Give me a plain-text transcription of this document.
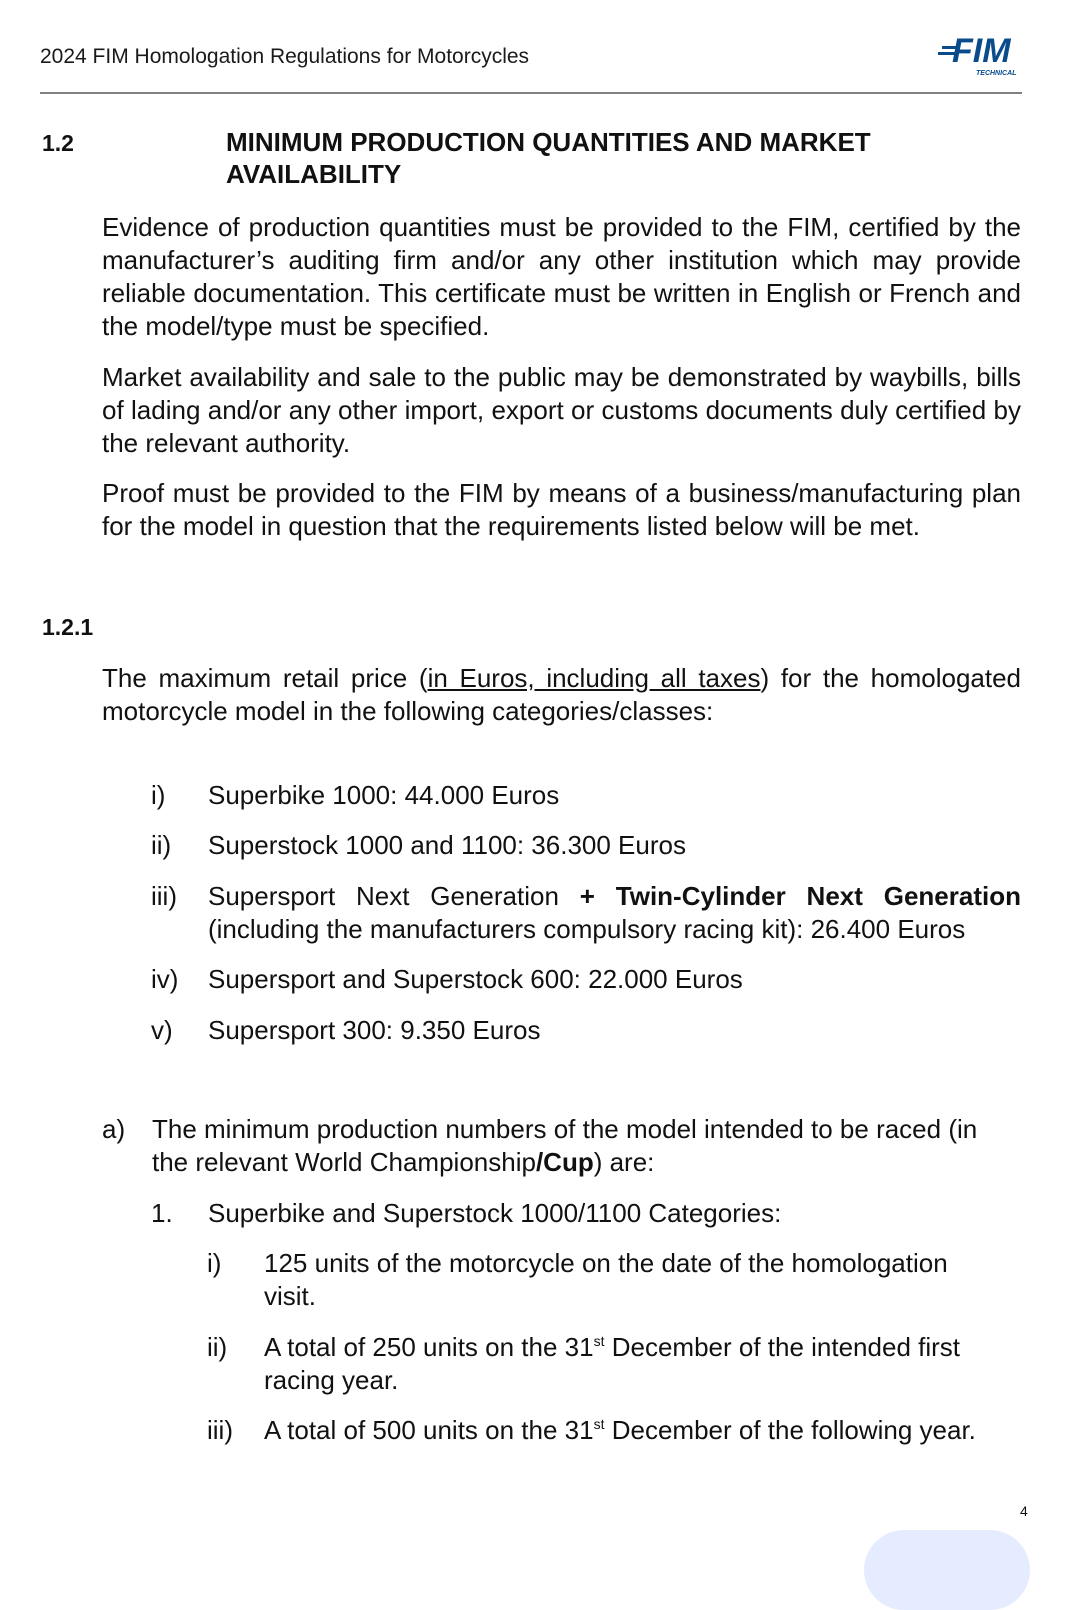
2024 FIM Homologation Regulations for Motorcycles	FIM
TECHNICAL
1.2	MINIMUM PRODUCTION QUANTITIES AND MARKET AVAILABILITY

Evidence of production quantities must be provided to the FIM, certified by the manufacturer’s auditing firm and/or any other institution which may provide reliable documentation. This certificate must be written in English or French and the model/type must be specified.

Market availability and sale to the public may be demonstrated by waybills, bills of lading and/or any other import, export or customs documents duly certified by the relevant authority.

Proof must be provided to the FIM by means of a business/manufacturing plan for the model in question that the requirements listed below will be met.

1.2.1

The maximum retail price (in Euros, including all taxes) for the homologated motorcycle model in the following categories/classes:

i) Superbike 1000: 44.000 Euros
ii) Superstock 1000 and 1100: 36.300 Euros
iii) Supersport Next Generation + Twin-Cylinder Next Generation (including the manufacturers compulsory racing kit): 26.400 Euros
iv) Supersport and Superstock 600: 22.000 Euros
v) Supersport 300: 9.350 Euros
a) The minimum production numbers of the model intended to be raced (in the relevant World Championship/Cup) are:
1. Superbike and Superstock 1000/1100 Categories:
i) 125 units of the motorcycle on the date of the homologation visit.
ii) A total of 250 units on the 31st December of the intended first racing year.
iii) A total of 500 units on the 31st December of the following year.
4
